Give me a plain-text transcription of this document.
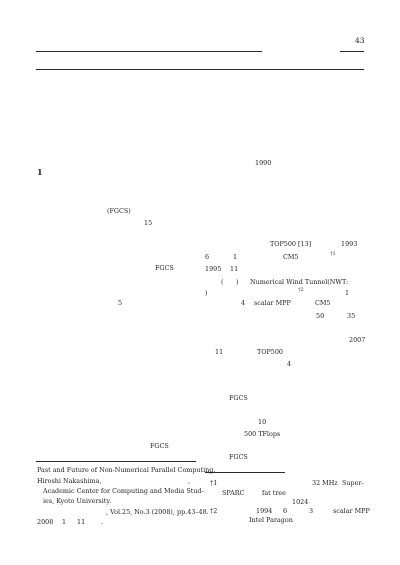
43
1
(FGCS)
15
FGCS
5
FGCS
Past and Future of Non-Numerical Parallel Computing.
Hiroshi Nakashima,	,
Academic Center for Computing and Media Stud-
ies, Kyoto University.
, Vol.25, No.3 (2008), pp.43–48.
2008 1 11 .
1990
TOP500 [13]	1993
6	1	CM5	†1
1995 11
( ) Numerical Wind Tunnel(NWT:
)	†2	1
4 scalar MPP	CM5
50	35
2007
11	TOP500
4
FGCS
10
500 TFlops
FGCS
†1	32 MHz Super-
SPARC	fat tree
1024
†2	1994 6	3	scalar MPP
Intel Paragon
